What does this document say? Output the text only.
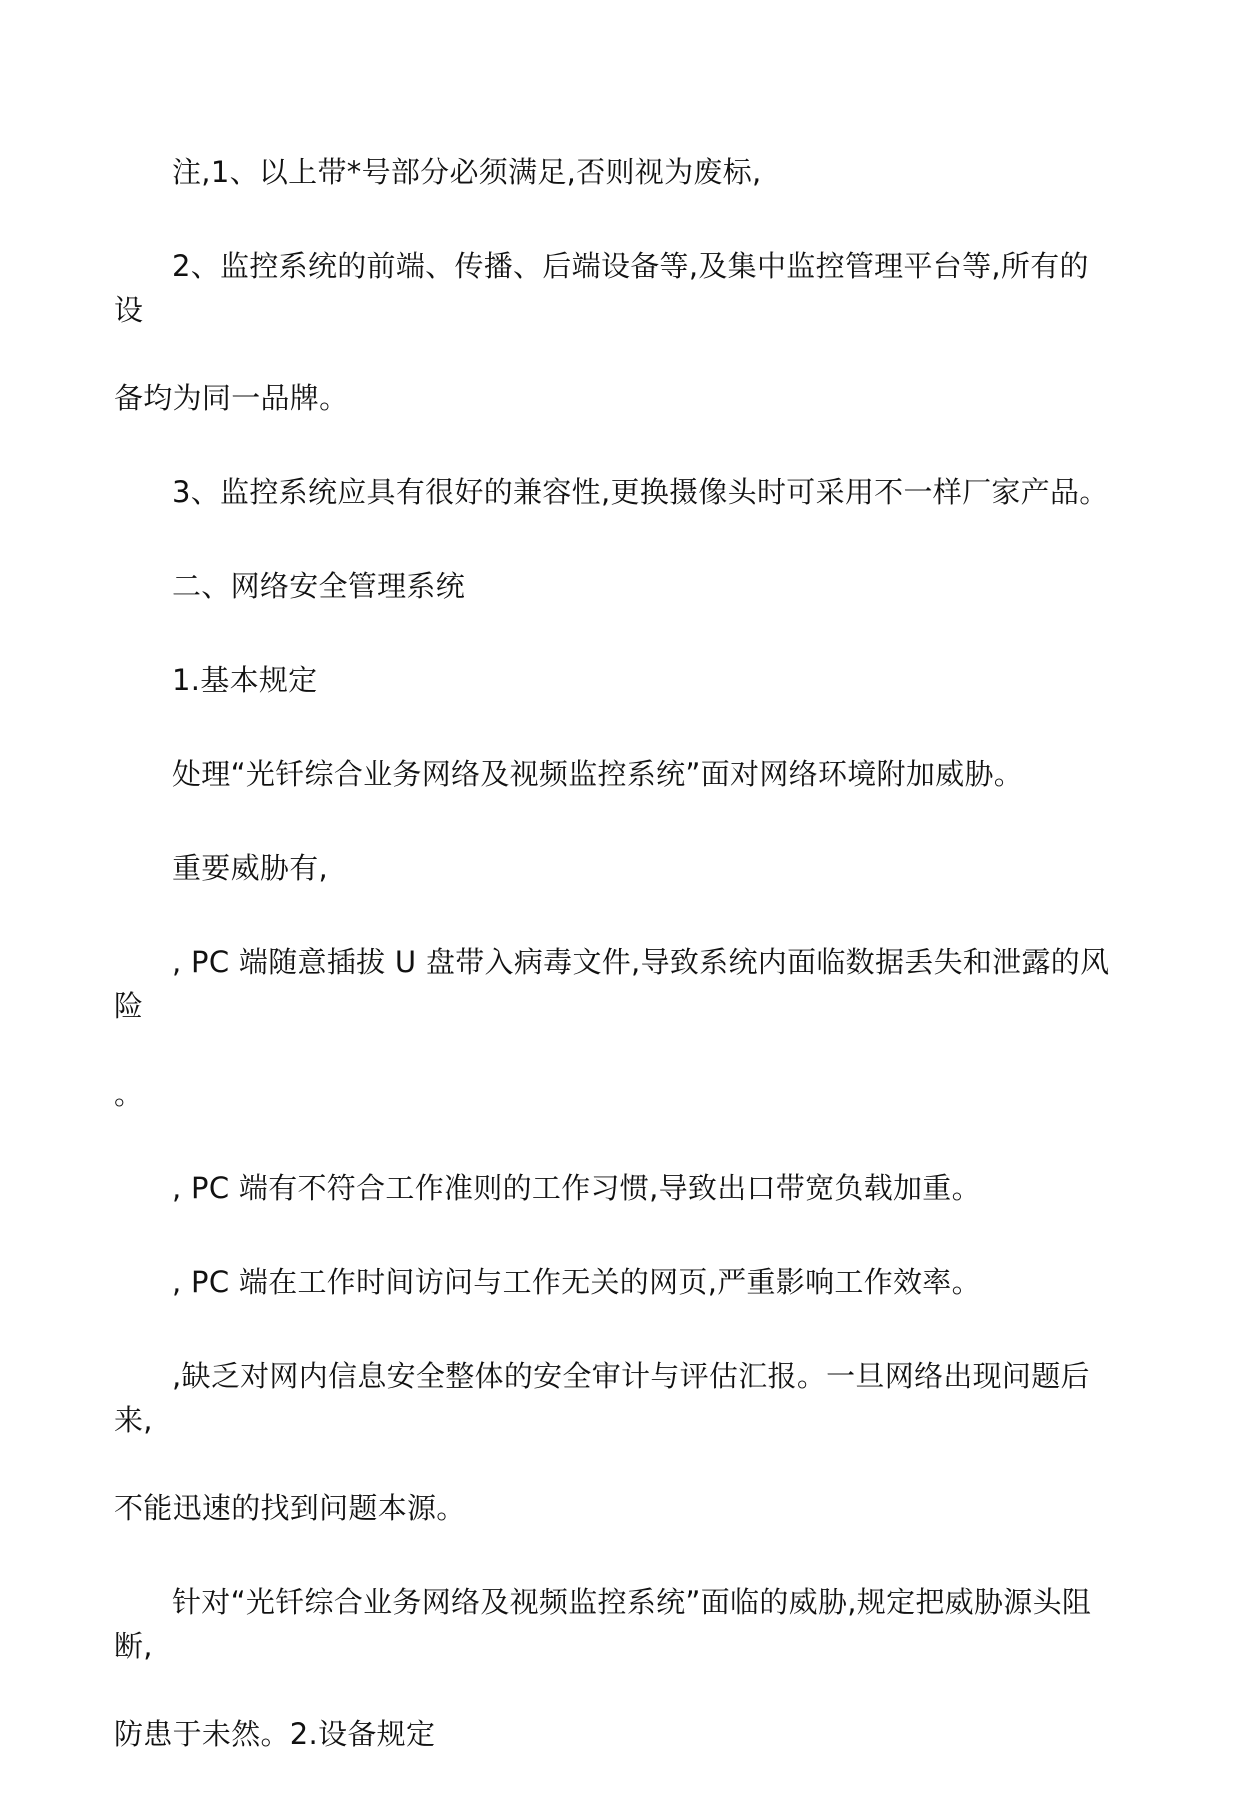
注,1、以上带*号部分必须满足,否则视为废标,

2、监控系统的前端、传播、后端设备等,及集中监控管理平台等,所有的设
备均为同一品牌。

3、监控系统应具有很好的兼容性,更换摄像头时可采用不一样厂家产品。

二、网络安全管理系统

1.基本规定

处理“光钎综合业务网络及视频监控系统”面对网络环境附加威胁。

重要威胁有,

, PC 端随意插拔 U 盘带入病毒文件,导致系统内面临数据丢失和泄露的风险
。

, PC 端有不符合工作准则的工作习惯,导致出口带宽负载加重。

, PC 端在工作时间访问与工作无关的网页,严重影响工作效率。

,缺乏对网内信息安全整体的安全审计与评估汇报。一旦网络出现问题后来,
不能迅速的找到问题本源。

针对“光钎综合业务网络及视频监控系统”面临的威胁,规定把威胁源头阻断,
防患于未然。2.设备规定
